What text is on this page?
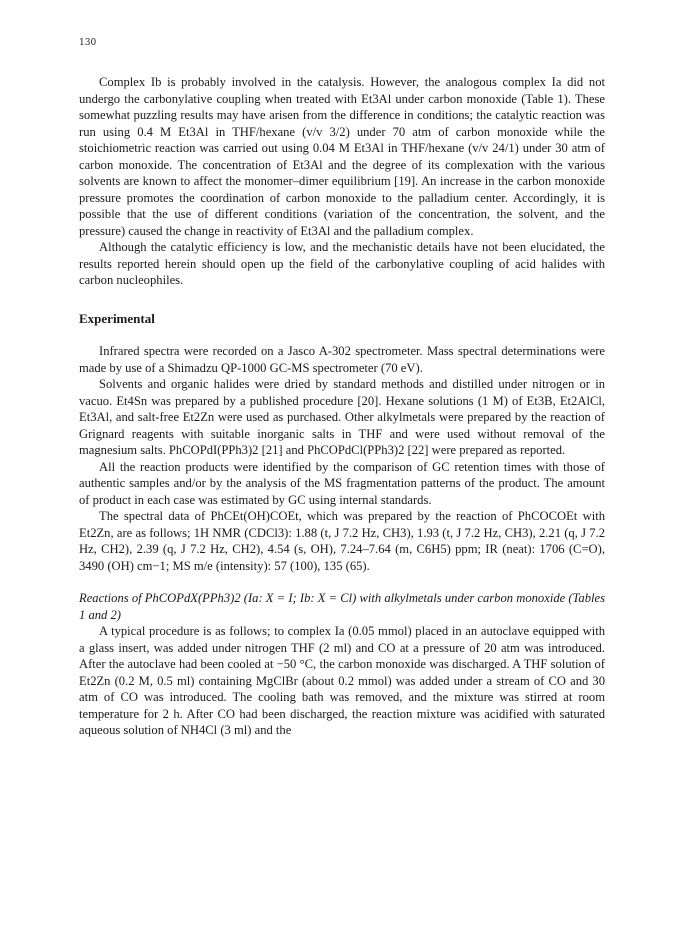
130

Complex Ib is probably involved in the catalysis. However, the analogous complex Ia did not undergo the carbonylative coupling when treated with Et3Al under carbon monoxide (Table 1). These somewhat puzzling results may have arisen from the difference in conditions; the catalytic reaction was run using 0.4 M Et3Al in THF/hexane (v/v 3/2) under 70 atm of carbon monoxide while the stoichiometric reaction was carried out using 0.04 M Et3Al in THF/hexane (v/v 24/1) under 30 atm of carbon monoxide. The concentration of Et3Al and the degree of its complexation with the various solvents are known to affect the monomer–dimer equilibrium [19]. An increase in the carbon monoxide pressure promotes the coordination of carbon monoxide to the palladium center. Accordingly, it is possible that the use of different conditions (variation of the concentration, the solvent, and the pressure) caused the change in reactivity of Et3Al and the palladium complex.

Although the catalytic efficiency is low, and the mechanistic details have not been elucidated, the results reported herein should open up the field of the carbonylative coupling of acid halides with carbon nucleophiles.

Experimental

Infrared spectra were recorded on a Jasco A-302 spectrometer. Mass spectral determinations were made by use of a Shimadzu QP-1000 GC-MS spectrometer (70 eV).

Solvents and organic halides were dried by standard methods and distilled under nitrogen or in vacuo. Et4Sn was prepared by a published procedure [20]. Hexane solutions (1 M) of Et3B, Et2AlCl, Et3Al, and salt-free Et2Zn were used as purchased. Other alkylmetals were prepared by the reaction of Grignard reagents with suitable inorganic salts in THF and were used without removal of the magnesium salts. PhCOPdI(PPh3)2 [21] and PhCOPdCl(PPh3)2 [22] were prepared as reported.

All the reaction products were identified by the comparison of GC retention times with those of authentic samples and/or by the analysis of the MS fragmentation patterns of the product. The amount of product in each case was estimated by GC using internal standards.

The spectral data of PhCEt(OH)COEt, which was prepared by the reaction of PhCOCOEt with Et2Zn, are as follows; 1H NMR (CDCl3): 1.88 (t, J 7.2 Hz, CH3), 1.93 (t, J 7.2 Hz, CH3), 2.21 (q, J 7.2 Hz, CH2), 2.39 (q, J 7.2 Hz, CH2), 4.54 (s, OH), 7.24–7.64 (m, C6H5) ppm; IR (neat): 1706 (C=O), 3490 (OH) cm−1; MS m/e (intensity): 57 (100), 135 (65).

Reactions of PhCOPdX(PPh3)2 (Ia: X = I; Ib: X = Cl) with alkylmetals under carbon monoxide (Tables 1 and 2)

A typical procedure is as follows; to complex Ia (0.05 mmol) placed in an autoclave equipped with a glass insert, was added under nitrogen THF (2 ml) and CO at a pressure of 20 atm was introduced. After the autoclave had been cooled at −50 °C, the carbon monoxide was discharged. A THF solution of Et2Zn (0.2 M, 0.5 ml) containing MgClBr (about 0.2 mmol) was added under a stream of CO and 30 atm of CO was introduced. The cooling bath was removed, and the mixture was stirred at room temperature for 2 h. After CO had been discharged, the reaction mixture was acidified with saturated aqueous solution of NH4Cl (3 ml) and the
